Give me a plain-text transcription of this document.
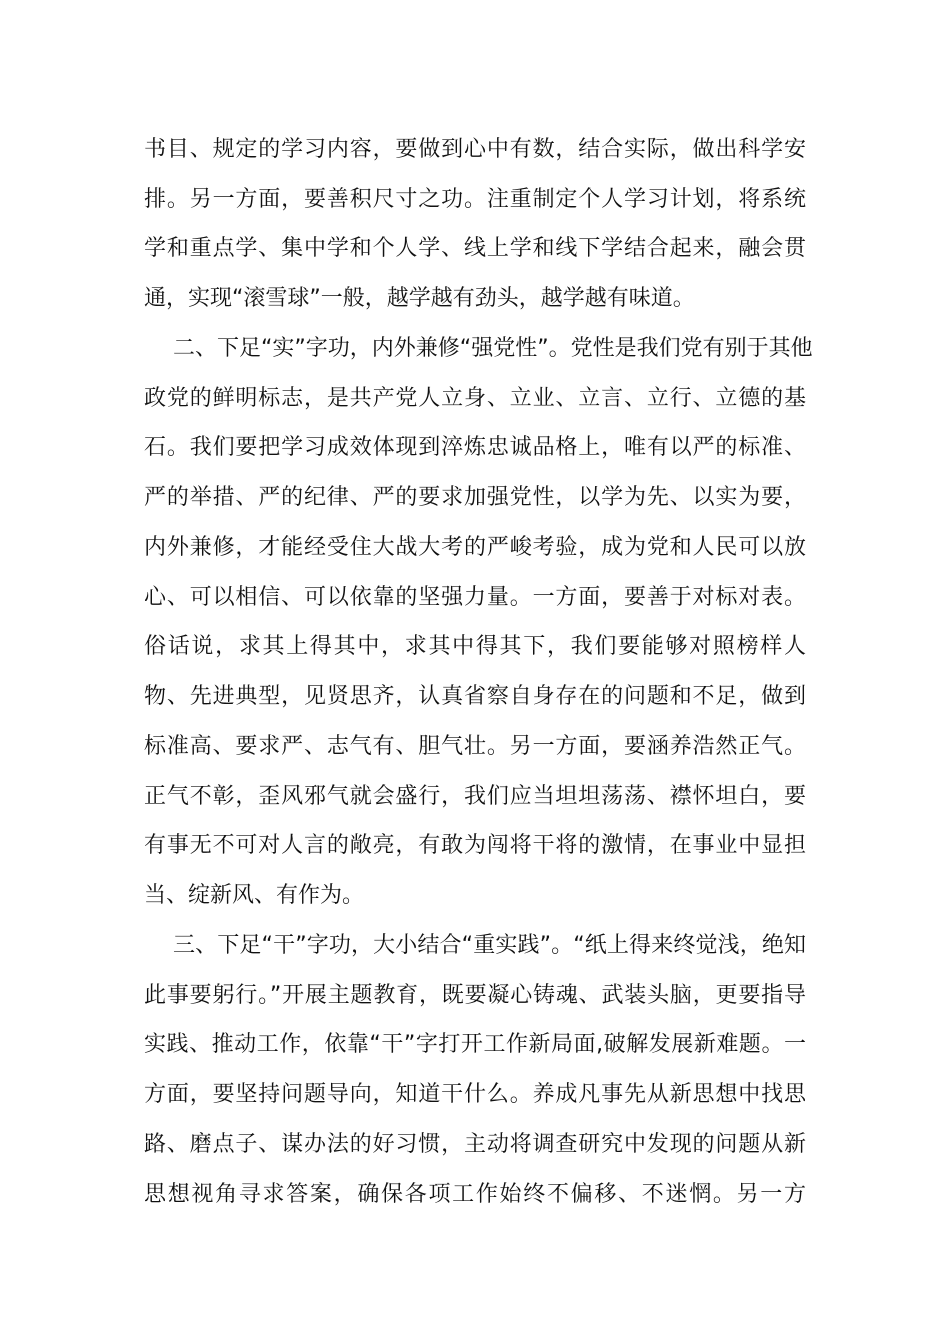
书目、规定的学习内容，要做到心中有数，结合实际，做出科学安
排。另一方面，要善积尺寸之功。注重制定个人学习计划，将系统
学和重点学、集中学和个人学、线上学和线下学结合起来，融会贯
通，实现“滚雪球”一般，越学越有劲头，越学越有味道。
二、下足“实”字功，内外兼修“强党性”。党性是我们党有别于其他
政党的鲜明标志，是共产党人立身、立业、立言、立行、立德的基
石。我们要把学习成效体现到淬炼忠诚品格上，唯有以严的标准、
严的举措、严的纪律、严的要求加强党性，以学为先、以实为要，
内外兼修，才能经受住大战大考的严峻考验，成为党和人民可以放
心、可以相信、可以依靠的坚强力量。一方面，要善于对标对表。
俗话说，求其上得其中，求其中得其下，我们要能够对照榜样人
物、先进典型，见贤思齐，认真省察自身存在的问题和不足，做到
标准高、要求严、志气有、胆气壮。另一方面，要涵养浩然正气。
正气不彰，歪风邪气就会盛行，我们应当坦坦荡荡、襟怀坦白，要
有事无不可对人言的敞亮，有敢为闯将干将的激情，在事业中显担
当、绽新风、有作为。
三、下足“干”字功，大小结合“重实践”。“纸上得来终觉浅，绝知
此事要躬行。”开展主题教育，既要凝心铸魂、武装头脑，更要指导
实践、推动工作，依靠“干”字打开工作新局面,破解发展新难题。一
方面，要坚持问题导向，知道干什么。养成凡事先从新思想中找思
路、磨点子、谋办法的好习惯，主动将调查研究中发现的问题从新
思想视角寻求答案，确保各项工作始终不偏移、不迷惘。另一方
